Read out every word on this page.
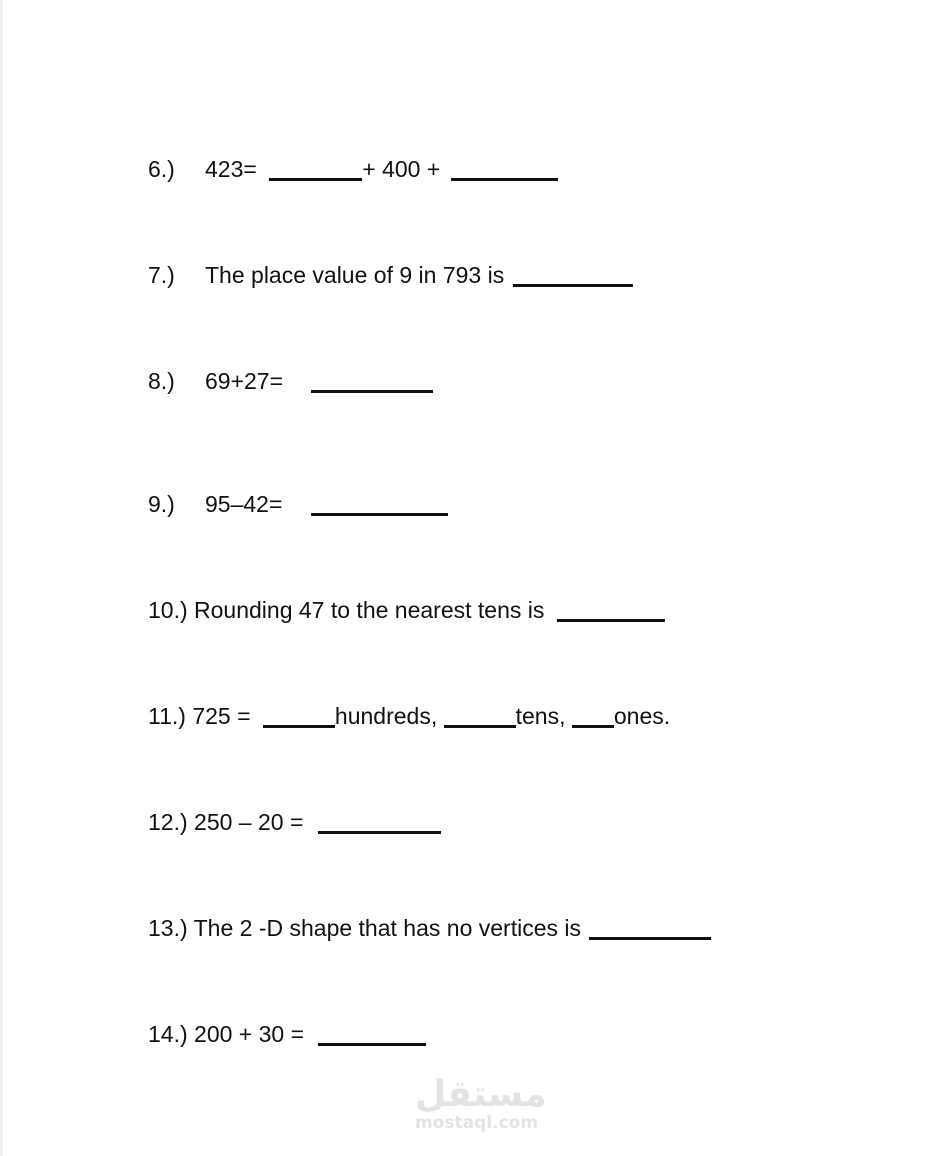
6.) 423=	+ 400 +
7.) The place value of 9 in 793 is
8.) 69+27=
9.) 95–42=
10.) Rounding 47 to the nearest tens is
11.) 725 =	hundreds,	tens, ones.
12.) 250 – 20 =
13.) The 2 -D shape that has no vertices is
14.) 200 + 30 =
مستقل
mostaql.com
